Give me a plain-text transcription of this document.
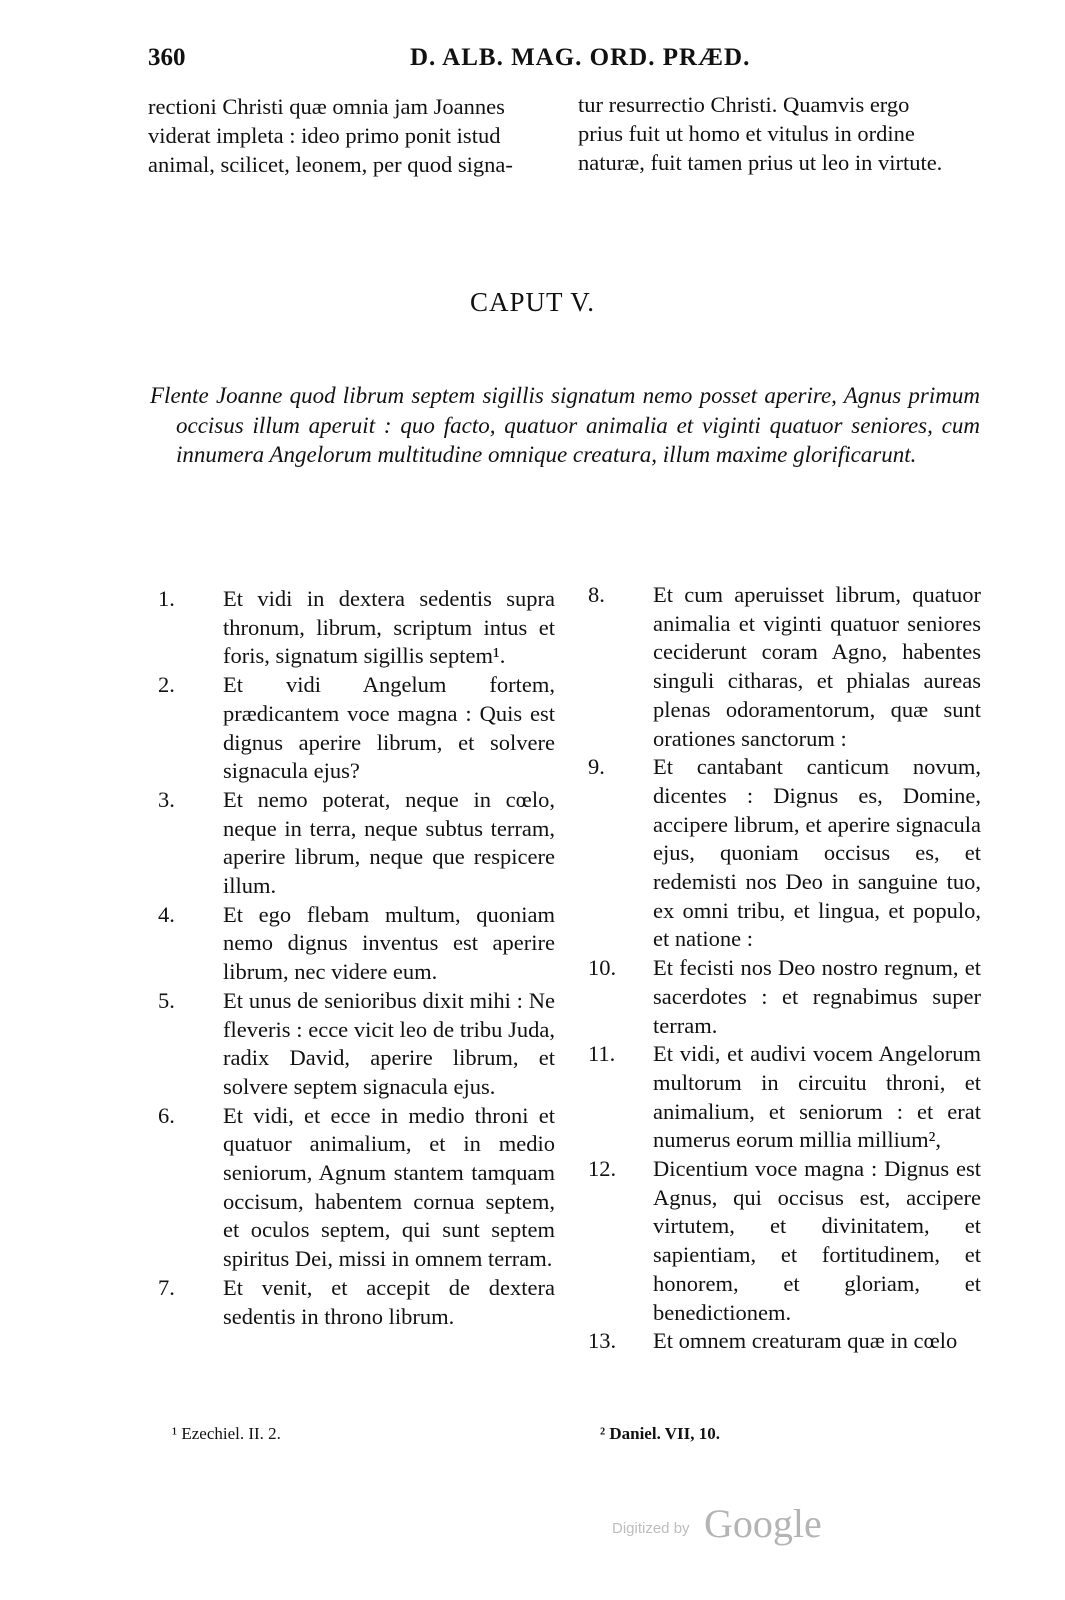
360	D. ALB. MAG. ORD. PRÆD.
rectioni Christi quæ omnia jam Joannes
viderat impleta : ideo primo ponit istud
animal, scilicet, leonem, per quod signa-
tur resurrectio Christi. Quamvis ergo
prius fuit ut homo et vitulus in ordine
naturæ, fuit tamen prius ut leo in virtute.
CAPUT V.

Flente Joanne quod librum septem sigillis signatum nemo posset aperire, Agnus primum occisus illum aperuit : quo facto, quatuor animalia et viginti quatuor seniores, cum innumera Angelorum multitudine omnique creatura, illum maxime glorificarunt.

1.	Et vidi in dextera sedentis supra thronum, librum, scriptum intus et foris, signatum sigillis septem¹.
2.	Et vidi Angelum fortem, prædicantem voce magna : Quis est dignus aperire librum, et solvere signacula ejus?
3.	Et nemo poterat, neque in cœlo, neque in terra, neque subtus terram, aperire librum, neque que respicere illum.
4.	Et ego flebam multum, quoniam nemo dignus inventus est aperire librum, nec videre eum.
5.	Et unus de senioribus dixit mihi : Ne fleveris : ecce vicit leo de tribu Juda, radix David, aperire librum, et solvere septem signacula ejus.
6.	Et vidi, et ecce in medio throni et quatuor animalium, et in medio seniorum, Agnum stantem tamquam occisum, habentem cornua septem, et oculos septem, qui sunt septem spiritus Dei, missi in omnem terram.
7.	Et venit, et accepit de dextera sedentis in throno librum.
8.	Et cum aperuisset librum, quatuor animalia et viginti quatuor seniores ceciderunt coram Agno, habentes singuli citharas, et phialas aureas plenas odoramentorum, quæ sunt orationes sanctorum :
9.	Et cantabant canticum novum, dicentes : Dignus es, Domine, accipere librum, et aperire signacula ejus, quoniam occisus es, et redemisti nos Deo in sanguine tuo, ex omni tribu, et lingua, et populo, et natione :
10.	Et fecisti nos Deo nostro regnum, et sacerdotes : et regnabimus super terram.
11.	Et vidi, et audivi vocem Angelorum multorum in circuitu throni, et animalium, et seniorum : et erat numerus eorum millia millium²,
12.	Dicentium voce magna : Dignus est Agnus, qui occisus est, accipere virtutem, et divinitatem, et sapientiam, et fortitudinem, et honorem, et gloriam, et benedictionem.
13.	Et omnem creaturam quæ in cœlo
¹ Ezechiel. II. 2.	² Daniel. VII, 10.
Digitized by Google
